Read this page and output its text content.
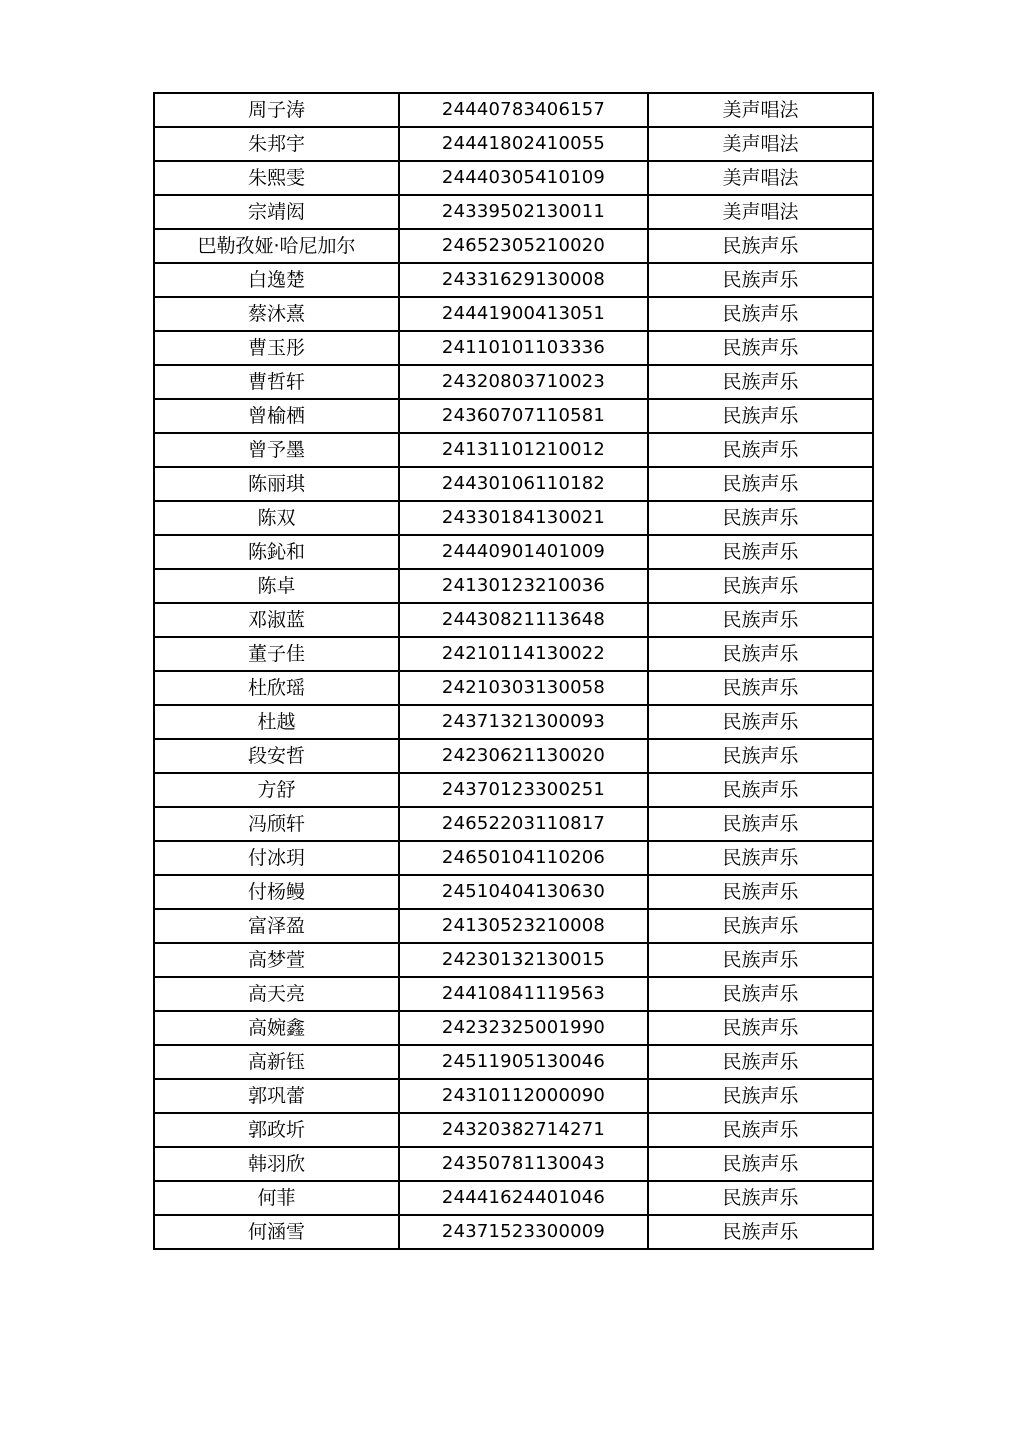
周子涛	24440783406157	美声唱法
朱邦宇	24441802410055	美声唱法
朱熙雯	24440305410109	美声唱法
宗靖闳	24339502130011	美声唱法
巴勒孜娅·哈尼加尔	24652305210020	民族声乐
白逸楚	24331629130008	民族声乐
蔡沐熹	24441900413051	民族声乐
曹玉彤	24110101103336	民族声乐
曹哲轩	24320803710023	民族声乐
曾榆栖	24360707110581	民族声乐
曾予墨	24131101210012	民族声乐
陈丽琪	24430106110182	民族声乐
陈双	24330184130021	民族声乐
陈鈊和	24440901401009	民族声乐
陈卓	24130123210036	民族声乐
邓淑蓝	24430821113648	民族声乐
董子佳	24210114130022	民族声乐
杜欣瑶	24210303130058	民族声乐
杜越	24371321300093	民族声乐
段安哲	24230621130020	民族声乐
方舒	24370123300251	民族声乐
冯颀轩	24652203110817	民族声乐
付冰玥	24650104110206	民族声乐
付杨鳗	24510404130630	民族声乐
富泽盈	24130523210008	民族声乐
高梦萱	24230132130015	民族声乐
高天亮	24410841119563	民族声乐
高婉鑫	24232325001990	民族声乐
高新钰	24511905130046	民族声乐
郭巩蕾	24310112000090	民族声乐
郭政圻	24320382714271	民族声乐
韩羽欣	24350781130043	民族声乐
何菲	24441624401046	民族声乐
何涵雪	24371523300009	民族声乐
